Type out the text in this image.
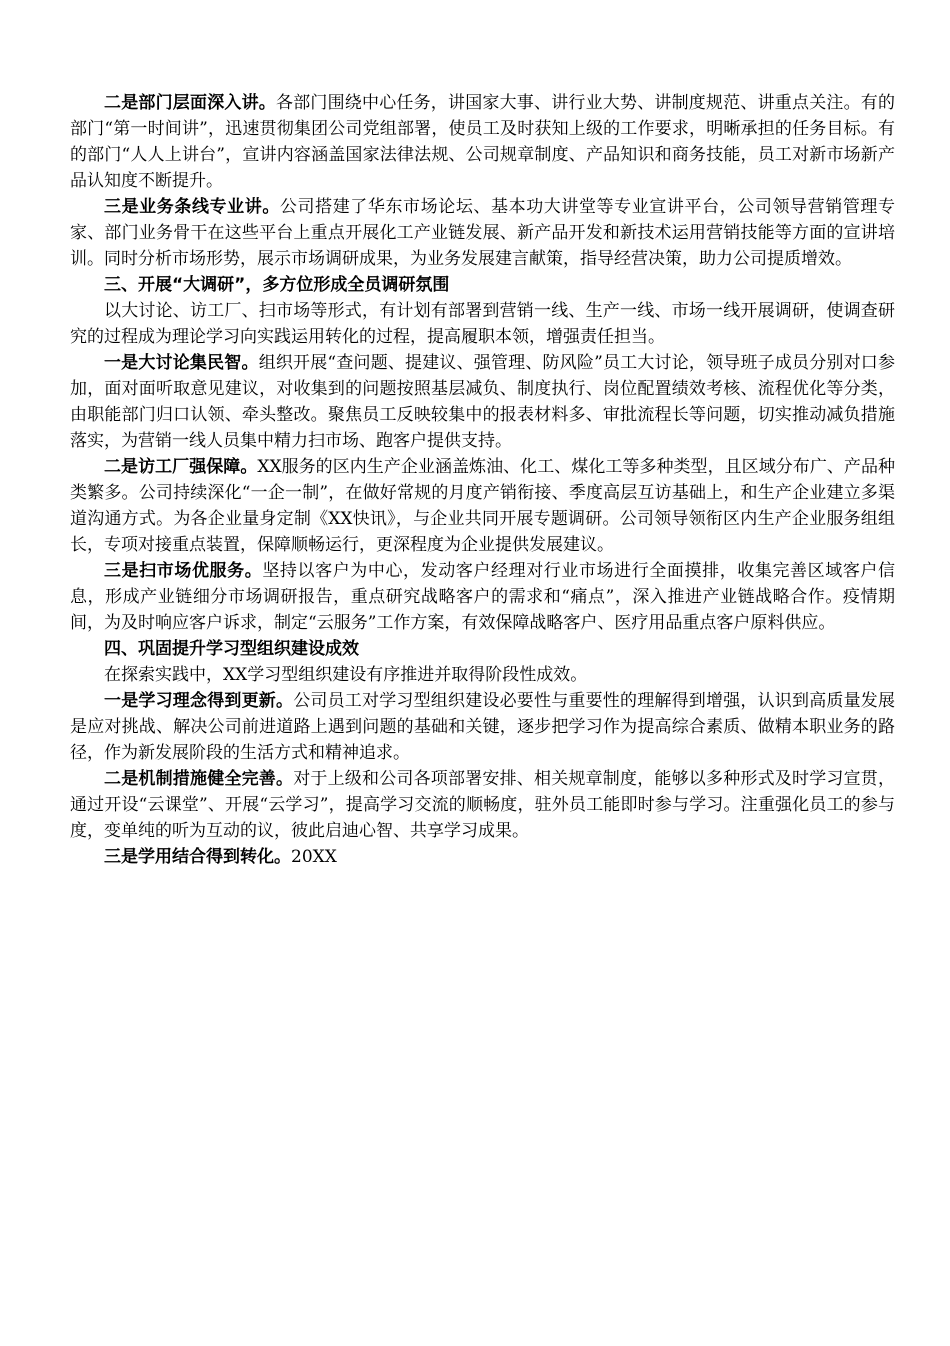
二是部门层面深入讲。各部门围绕中心任务，讲国家大事、讲行业大势、讲制度规范、讲重点关注。有的部门“第一时间讲”，迅速贯彻集团公司党组部署，使员工及时获知上级的工作要求，明晰承担的任务目标。有的部门“人人上讲台”，宣讲内容涵盖国家法律法规、公司规章制度、产品知识和商务技能，员工对新市场新产品认知度不断提升。

三是业务条线专业讲。公司搭建了华东市场论坛、基本功大讲堂等专业宣讲平台，公司领导营销管理专家、部门业务骨干在这些平台上重点开展化工产业链发展、新产品开发和新技术运用营销技能等方面的宣讲培训。同时分析市场形势，展示市场调研成果，为业务发展建言献策，指导经营决策，助力公司提质增效。

三、开展“大调研”，多方位形成全员调研氛围

以大讨论、访工厂、扫市场等形式，有计划有部署到营销一线、生产一线、市场一线开展调研，使调查研究的过程成为理论学习向实践运用转化的过程，提高履职本领，增强责任担当。

一是大讨论集民智。组织开展“查问题、提建议、强管理、防风险”员工大讨论，领导班子成员分别对口参加，面对面听取意见建议，对收集到的问题按照基层减负、制度执行、岗位配置绩效考核、流程优化等分类，由职能部门归口认领、牵头整改。聚焦员工反映较集中的报表材料多、审批流程长等问题，切实推动减负措施落实，为营销一线人员集中精力扫市场、跑客户提供支持。

二是访工厂强保障。XX服务的区内生产企业涵盖炼油、化工、煤化工等多种类型，且区域分布广、产品种类繁多。公司持续深化“一企一制”，在做好常规的月度产销衔接、季度高层互访基础上，和生产企业建立多渠道沟通方式。为各企业量身定制《XX快讯》，与企业共同开展专题调研。公司领导领衔区内生产企业服务组组长，专项对接重点装置，保障顺畅运行，更深程度为企业提供发展建议。

三是扫市场优服务。坚持以客户为中心，发动客户经理对行业市场进行全面摸排，收集完善区域客户信息，形成产业链细分市场调研报告，重点研究战略客户的需求和“痛点”，深入推进产业链战略合作。疫情期间，为及时响应客户诉求，制定“云服务”工作方案，有效保障战略客户、医疗用品重点客户原料供应。

四、巩固提升学习型组织建设成效

在探索实践中，XX学习型组织建设有序推进并取得阶段性成效。

一是学习理念得到更新。公司员工对学习型组织建设必要性与重要性的理解得到增强，认识到高质量发展是应对挑战、解决公司前进道路上遇到问题的基础和关键，逐步把学习作为提高综合素质、做精本职业务的路径，作为新发展阶段的生活方式和精神追求。

二是机制措施健全完善。对于上级和公司各项部署安排、相关规章制度，能够以多种形式及时学习宣贯，通过开设“云课堂”、开展“云学习”，提高学习交流的顺畅度，驻外员工能即时参与学习。注重强化员工的参与度，变单纯的听为互动的议，彼此启迪心智、共享学习成果。

三是学用结合得到转化。20XX
